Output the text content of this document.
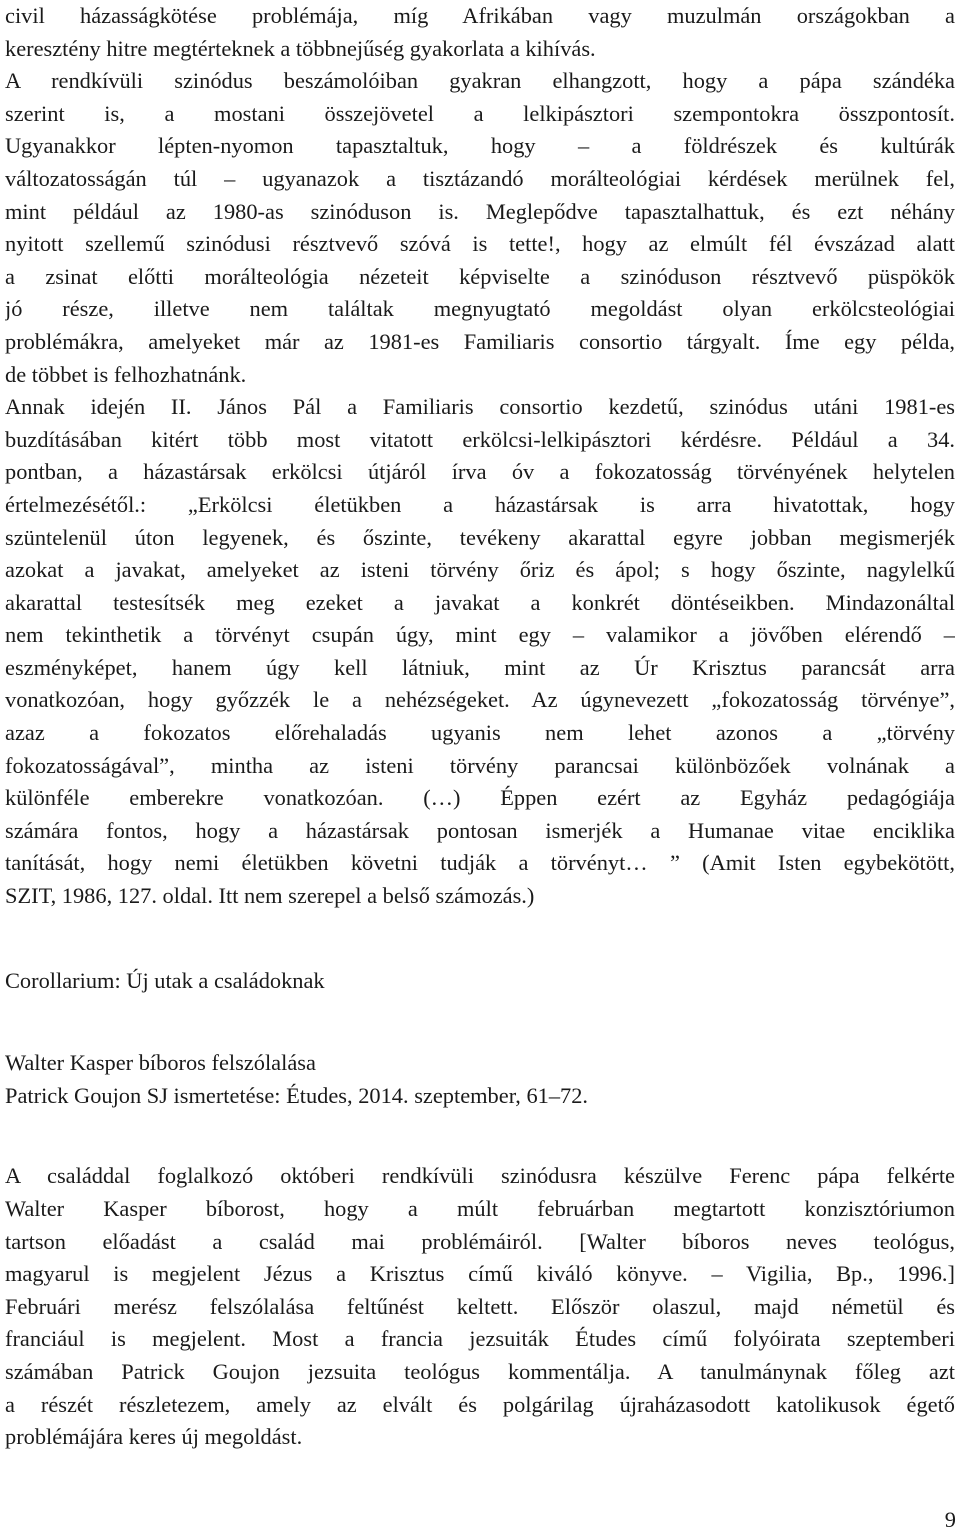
civil házasságkötése problémája, míg Afrikában vagy muzulmán országokban a
keresztény hitre megtérteknek a többnejűség gyakorlata a kihívás.
A rendkívüli szinódus beszámolóiban gyakran elhangzott, hogy a pápa szándéka
szerint is, a mostani összejövetel a lelkipásztori szempontokra összpontosít.
Ugyanakkor lépten-nyomon tapasztaltuk, hogy – a földrészek és kultúrák
változatosságán túl – ugyanazok a tisztázandó morálteológiai kérdések merülnek fel,
mint például az 1980-as szinóduson is. Meglepődve tapasztalhattuk, és ezt néhány
nyitott szellemű szinódusi résztvevő szóvá is tette!, hogy az elmúlt fél évszázad alatt
a zsinat előtti morálteológia nézeteit képviselte a szinóduson résztvevő püspökök
jó része, illetve nem találtak megnyugtató megoldást olyan erkölcsteológiai
problémákra, amelyeket már az 1981-es Familiaris consortio tárgyalt. Íme egy példa,
de többet is felhozhatnánk.
Annak idején II. János Pál a Familiaris consortio kezdetű, szinódus utáni 1981-es
buzdításában kitért több most vitatott erkölcsi-lelkipásztori kérdésre. Például a 34.
pontban, a házastársak erkölcsi útjáról írva óv a fokozatosság törvényének helytelen
értelmezésétől.: „Erkölcsi életükben a házastársak is arra hivatottak, hogy
szüntelenül úton legyenek, és őszinte, tevékeny akarattal egyre jobban megismerjék
azokat a javakat, amelyeket az isteni törvény őriz és ápol; s hogy őszinte, nagylelkű
akarattal testesítsék meg ezeket a javakat a konkrét döntéseikben. Mindazonáltal
nem tekinthetik a törvényt csupán úgy, mint egy – valamikor a jövőben elérendő –
eszményképet, hanem úgy kell látniuk, mint az Úr Krisztus parancsát arra
vonatkozóan, hogy győzzék le a nehézségeket. Az úgynevezett „fokozatosság törvénye”,
azaz a fokozatos előrehaladás ugyanis nem lehet azonos a „törvény
fokozatosságával”, mintha az isteni törvény parancsai különbözőek volnának a
különféle emberekre vonatkozóan. (…) Éppen ezért az Egyház pedagógiája
számára fontos, hogy a házastársak pontosan ismerjék a Humanae vitae enciklika
tanítását, hogy nemi életükben követni tudják a törvényt… ” (Amit Isten egybekötött,
SZIT, 1986, 127. oldal. Itt nem szerepel a belső számozás.)
Corollarium: Új utak a családoknak
Walter Kasper bíboros felszólalása
Patrick Goujon SJ ismertetése: Études, 2014. szeptember, 61–72.
A családdal foglalkozó októberi rendkívüli szinódusra készülve Ferenc pápa felkérte
Walter Kasper bíborost, hogy a múlt februárban megtartott konzisztóriumon
tartson előadást a család mai problémáiról. [Walter bíboros neves teológus,
magyarul is megjelent Jézus a Krisztus című kiváló könyve. – Vigilia, Bp., 1996.]
Februári merész felszólalása feltűnést keltett. Először olaszul, majd németül és
franciául is megjelent. Most a francia jezsuiták Études című folyóirata szeptemberi
számában Patrick Goujon jezsuita teológus kommentálja. A tanulmánynak főleg azt
a részét részletezem, amely az elvált és polgárilag újraházasodott katolikusok égető
problémájára keres új megoldást.
9
